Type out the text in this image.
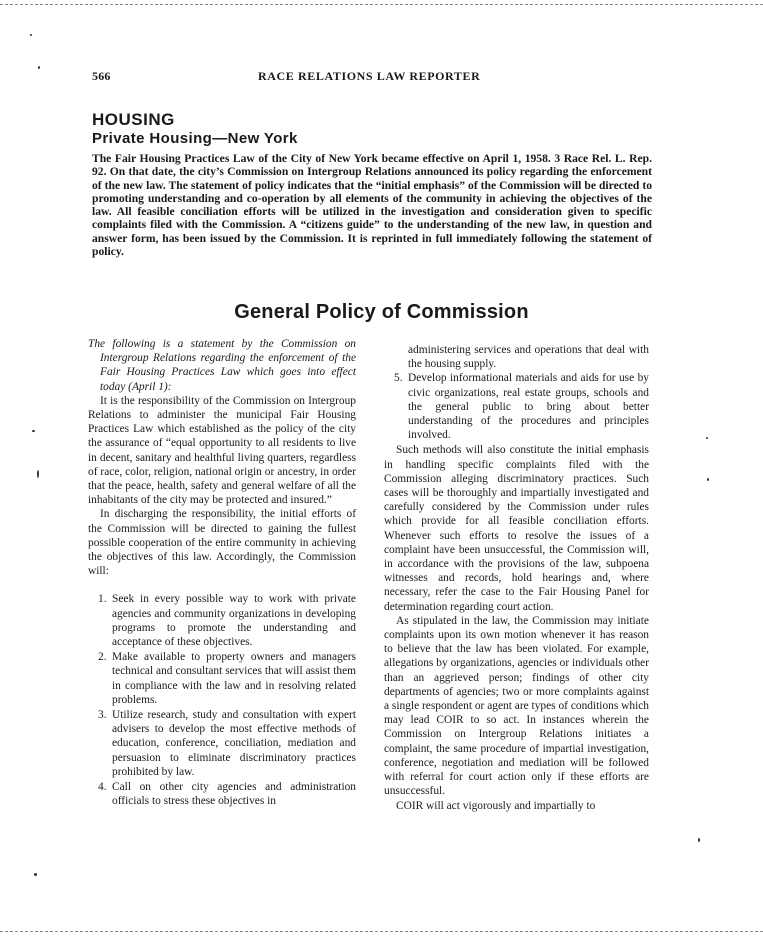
566	RACE RELATIONS LAW REPORTER
HOUSING
Private Housing—New York

The Fair Housing Practices Law of the City of New York became effective on April 1, 1958. 3 Race Rel. L. Rep. 92. On that date, the city’s Commission on Intergroup Relations announced its policy regarding the enforcement of the new law. The statement of policy indicates that the “initial emphasis” of the Commission will be directed to promoting understanding and co-operation by all elements of the community in achieving the objectives of the law. All feasible conciliation efforts will be utilized in the investigation and consideration given to specific complaints filed with the Commission. A “citizens guide” to the understanding of the new law, in question and answer form, has been issued by the Commission. It is reprinted in full immediately following the statement of policy.

General Policy of Commission

The following is a statement by the Commission on Intergroup Relations regarding the enforcement of the Fair Housing Practices Law which goes into effect today (April 1):

It is the responsibility of the Commission on Intergroup Relations to administer the municipal Fair Housing Practices Law which established as the policy of the city the assurance of “equal opportunity to all residents to live in decent, sanitary and healthful living quarters, regardless of race, color, religion, national origin or ancestry, in order that the peace, health, safety and general welfare of all the inhabitants of the city may be protected and insured.”

In discharging the responsibility, the initial efforts of the Commission will be directed to gaining the fullest possible cooperation of the entire community in achieving the objectives of this law. Accordingly, the Commission will:

1. Seek in every possible way to work with private agencies and community organizations in developing programs to promote the understanding and acceptance of these objectives.
2. Make available to property owners and managers technical and consultant services that will assist them in compliance with the law and in resolving related problems.
3. Utilize research, study and consultation with expert advisers to develop the most effective methods of education, conference, conciliation, mediation and persuasion to eliminate discriminatory practices prohibited by law.
4. Call on other city agencies and administration officials to stress these objectives in

administering services and operations that deal with the housing supply.

5. Develop informational materials and aids for use by civic organizations, real estate groups, schools and the general public to bring about better understanding of the procedures and principles involved.

Such methods will also constitute the initial emphasis in handling specific complaints filed with the Commission alleging discriminatory practices. Such cases will be thoroughly and impartially investigated and carefully considered by the Commission under rules which provide for all feasible conciliation efforts. Whenever such efforts to resolve the issues of a complaint have been unsuccessful, the Commission will, in accordance with the provisions of the law, subpoena witnesses and records, hold hearings and, where necessary, refer the case to the Fair Housing Panel for determination regarding court action.

As stipulated in the law, the Commission may initiate complaints upon its own motion whenever it has reason to believe that the law has been violated. For example, allegations by organizations, agencies or individuals other than an aggrieved person; findings of other city departments of agencies; two or more complaints against a single respondent or agent are types of conditions which may lead COIR to so act. In instances wherein the Commission on Intergroup Relations initiates a complaint, the same procedure of impartial investigation, conference, negotiation and mediation will be followed with referral for court action only if these efforts are unsuccessful.

COIR will act vigorously and impartially to
